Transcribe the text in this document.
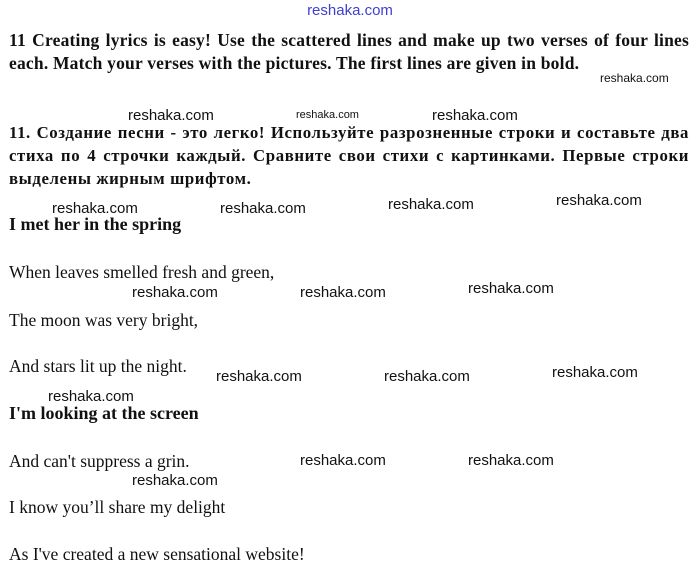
reshaka.com
11 Creating lyrics is easy! Use the scattered lines and make up two verses of four lines each. Match your verses with the pictures. The first lines are given in bold.
11. Создание песни - это легко! Используйте разрозненные строки и составьте два стиха по 4 строчки каждый. Сравните свои стихи с картинками. Первые строки выделены жирным шрифтом.
I met her in the spring
When leaves smelled fresh and green,
The moon was very bright,
And stars lit up the night.
I'm looking at the screen
And can't suppress a grin.
I know you’ll share my delight
As I've created a new sensational website!
reshaka.com
reshaka.com	reshaka.com	reshaka.com
reshaka.com	reshaka.com	reshaka.com	reshaka.com
reshaka.com	reshaka.com	reshaka.com
reshaka.com	reshaka.com	reshaka.com
reshaka.com
reshaka.com	reshaka.com
reshaka.com
